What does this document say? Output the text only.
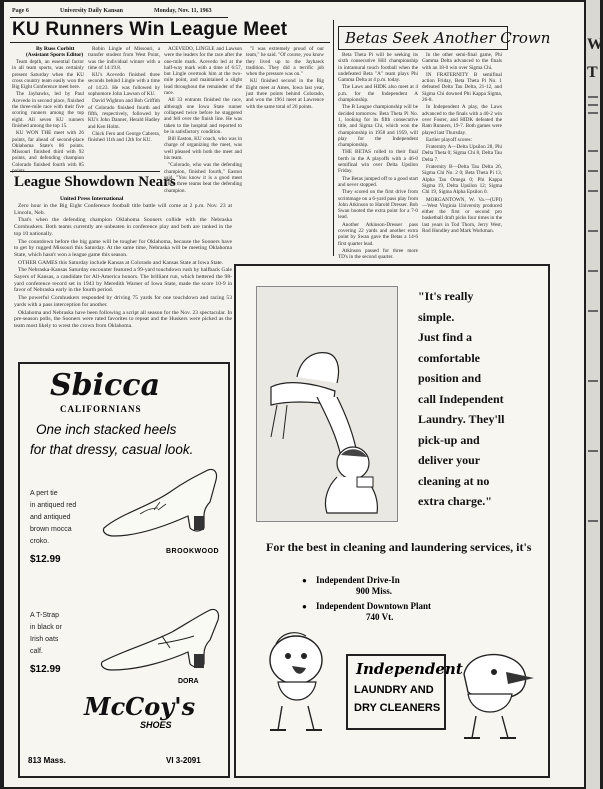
Page 6	University Daily Kansan	Monday, Nov. 11, 1963
KU Runners Win League Meet
By Russ Corbitt
(Assistant Sports Editor)

Team depth, an essential factor in all team sports, was certainly present Saturday when the KU cross country team easily won the Big Eight Conference meet here.

The Jayhawks, led by Paul Acevedo in second place, finished the three-mile race with their five scoring runners among the top eight. All seven KU runners finished among the top 15.

KU WON THE meet with 26 points, far ahead of second-place Oklahoma State's 86 points. Missouri finished third with 92 points, and defending champion Colorado finished fourth with 85

Robin Lingle of Missouri, a transfer student from West Point, was the individual winner with a time of 14:19.8.

KU's Acevedo finished three seconds behind Lingle with a time of 14:23. He was followed by sophomore John Lawson of KU.

David Wighton and Bob Griffith of Colorado finished fourth and fifth, respectively, followed by KU's John Danner, Herald Hadley and Ken Holm.

Chick Fero and George Cabrera, finished 11th and 12th for KU.

ACEVEDO, LINGLE and Lawson were the leaders for the race after the one-mile mark. Acevedo led at the half-way mark with a time of 6:57, but Lingle overtook him at the two-mile point, and maintained a slight lead throughout the remainder of the race.

All 33 entrants finished the race, although one Iowa State runner collapsed twice before he staggered and fell over the finish line. He was taken to the hospital and reported to be in satisfactory condition.

Bill Easton, KU coach, who was in charge of organizing the meet, was well pleased with both the meet and his team.

"Colorado, who was the defending champion, finished fourth," Easton said. "You know it is a good meet when three teams beat the defending champion.

"I was extremely proud of our team," he said. "Of course, you know they lived up to the Jayhawk tradition. They did a terrific job when the pressure was on."

KU finished second in the Big Eight meet at Ames, Iowa last year, just three points behind Colorado, and won the 1961 meet at Lawrence with the same total of 26 points.

League Showdown Nears
United Press International

Zero hour in the Big Eight Conference football title battle will come at 2 p.m. Nov. 23 at Lincoln, Neb.

That's when the defending champion Oklahoma Sooners collide with the Nebraska Cornhuskers. Both teams currently are unbeaten in conference play and both are ranked in the top 10 nationally.

The countdown before the big game will be tougher for Oklahoma, because the Sooners have to get by rugged Missouri this Saturday. At the same time, Nebraska will be meeting Oklahoma State, which hasn't won a league game this season.

OTHER GAMES this Saturday include Kansas at Colorado and Kansas State at Iowa State.

The Nebraska-Kansas Saturday encounter featured a 99-yard touchdown rush by halfback Gale Sayers of Kansas, a candidate for All-America honors. The brilliant run, which bettered the 98-yard conference record set in 1943 by Meredith Warner of Iowa State, made the score 10-9 in favor of Nebraska early in the fourth period.

The powerful Cornhuskers responded by driving 75 yards for one touchdown and racing 53 yards with a pass interception for another.

Oklahoma and Nebraska have been following a script all season for the Nov. 23 spectacular. In pre-season polls, the Sooners were rated favorites to repeat and the Huskers were picked as the team most likely to wrest the crown from Oklahoma.

Betas Seek Another Crown

Beta Theta Pi will be seeking its sixth consecutive Hill championship in intramural touch football when the undefeated Beta "A" team plays Phi Gamma Delta at 4 p.m. today.

The Laws and HIDK also meet at 4 p.m. for the Independent A championship.

The B League championship will be decided tomorrow. Beta Theta Pi No. 1, looking for its fifth consecutive title, and Sigma Chi, which won the championship in 1958 and 1959, will play for the Independent championship.

THE BETAS rolled to their final berth in the A playoffs with a 46-0 semifinal win over Delta Upsilon Friday.

The Betas jumped off to a good start and never stopped.

They scored on the first drive from scrimmage on a 6-yard pass play from John Atkinson to Harold Dresser. Bob Swan booted the extra point for a 7-0 lead.

Another Atkinson-Dresser pass covering 22 yards and another extra point by Swan gave the Betas a 14-6 first quarter lead.

Atkinson passed for three more TD's in the second quarter.

In the other semi-final game, Phi Gamma Delta advanced to the finals with an 18-0 win over Sigma Chi.

IN FRATERNITY B semifinal action Friday, Beta Theta Pi No. 1 defeated Delta Tau Delta, 21-12, and Sigma Chi downed Phi Kappa Sigma, 26-8.

In Independent A play, the Laws advanced to the finals with a 40-2 win over Foster, and HIDK defeated the Ram Runners, 19-7. Both games were played last Thursday.

Earlier playoff scores:

Fraternity A—Delta Upsilon 28, Phi Delta Theta 0; Sigma Chi 8, Delta Tau Delta 7.

Fraternity B—Delta Tau Delta 26, Sigma Chi No. 2 0; Beta Theta Pi 13, Alpha Tau Omega 0; Phi Kappa Sigma 19, Delta Upsilon 12; Sigma Chi 19, Sigma Alpha Epsilon 0.

MORGANTOWN, W. Va.—(UPI) —West Virginia University produced either the first or second pro basketball draft picks four times in the last years in Tod Thorn, Jerry West, Rod Hundley and Mark Workman.

Sbicca
CALIFORNIANS
One inch stacked heels
for that dressy, casual look.
A pert tie
in antiqued red
and antiqued
brown mocca
croko.
$12.99
BROOKWOOD
A T-Strap
in black or
Irish oats
calf.
$12.99
DORA
McCoy's
SHOES
813 Mass.	VI 3-2091
"It's really
simple.
Just find a
comfortable
position and
call Independent
Laundry. They'll
pick-up and
deliver your
cleaning at no
extra charge."
For the best in cleaning and laundering services, it's
● Independent Drive-In
900 Miss.
● Independent Downtown Plant
740 Vt.
Independent
LAUNDRY AND
DRY CLEANERS
W
T
